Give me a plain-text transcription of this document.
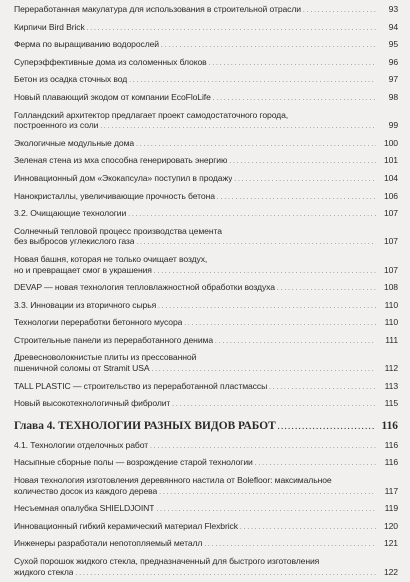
Переработанная макулатура для использования в строительной отрасли . . .	93
Кирпичи Bird Brick . . .	94
Ферма по выращиванию водорослей . . .	95
Суперэффективные дома из соломенных блоков . . .	96
Бетон из осадка сточных вод . . .	97
Новый плавающий экодом от компании EcoFloLife . . .	98
Голландский архитектор предлагает проект самодостаточного города,
построенного из соли . . .	99
Экологичные модульные дома . . .	100
Зеленая стена из мха способна генерировать энергию . . .	101
Инновационный дом «Экокапсула» поступил в продажу . . .	104
Нанокристаллы, увеличивающие прочность бетона . . .	106
3.2. Очищающие технологии . . .	107
Солнечный тепловой процесс производства цемента
без выбросов углекислого газа . . .	107
Новая башня, которая не только очищает воздух,
но и превращает смог в украшения . . .	107
DEVAP — новая технология тепловлажностной обработки воздуха . . .	108
3.3. Инновации из вторичного сырья . . .	110
Технологии переработки бетонного мусора . . .	110
Строительные панели из переработанного денима . . .	111
Древесноволокнистые плиты из прессованной
пшеничной соломы от Stramit USA . . .	112
TALL PLASTIC — строительство из переработанной пластмассы . . .	113
Новый высокотехнологичный фибролит . . .	115
Глава 4. ТЕХНОЛОГИИ РАЗНЫХ ВИДОВ РАБОТ . . .	116
4.1. Технологии отделочных работ . . .	116
Насыпные сборные полы — возрождение старой технологии . . .	116
Новая технология изготовления деревянного настила от Bolefloor: максимальное
количество досок из каждого дерева . . .	117
Несъемная опалубка SHIELDJOINT . . .	119
Инновационный гибкий керамический материал Flexbrick . . .	120
Инженеры разработали непотопляемый металл . . .	121
Сухой порошок жидкого стекла, предназначенный для быстрого изготовления
жидкого стекла . . .	122
